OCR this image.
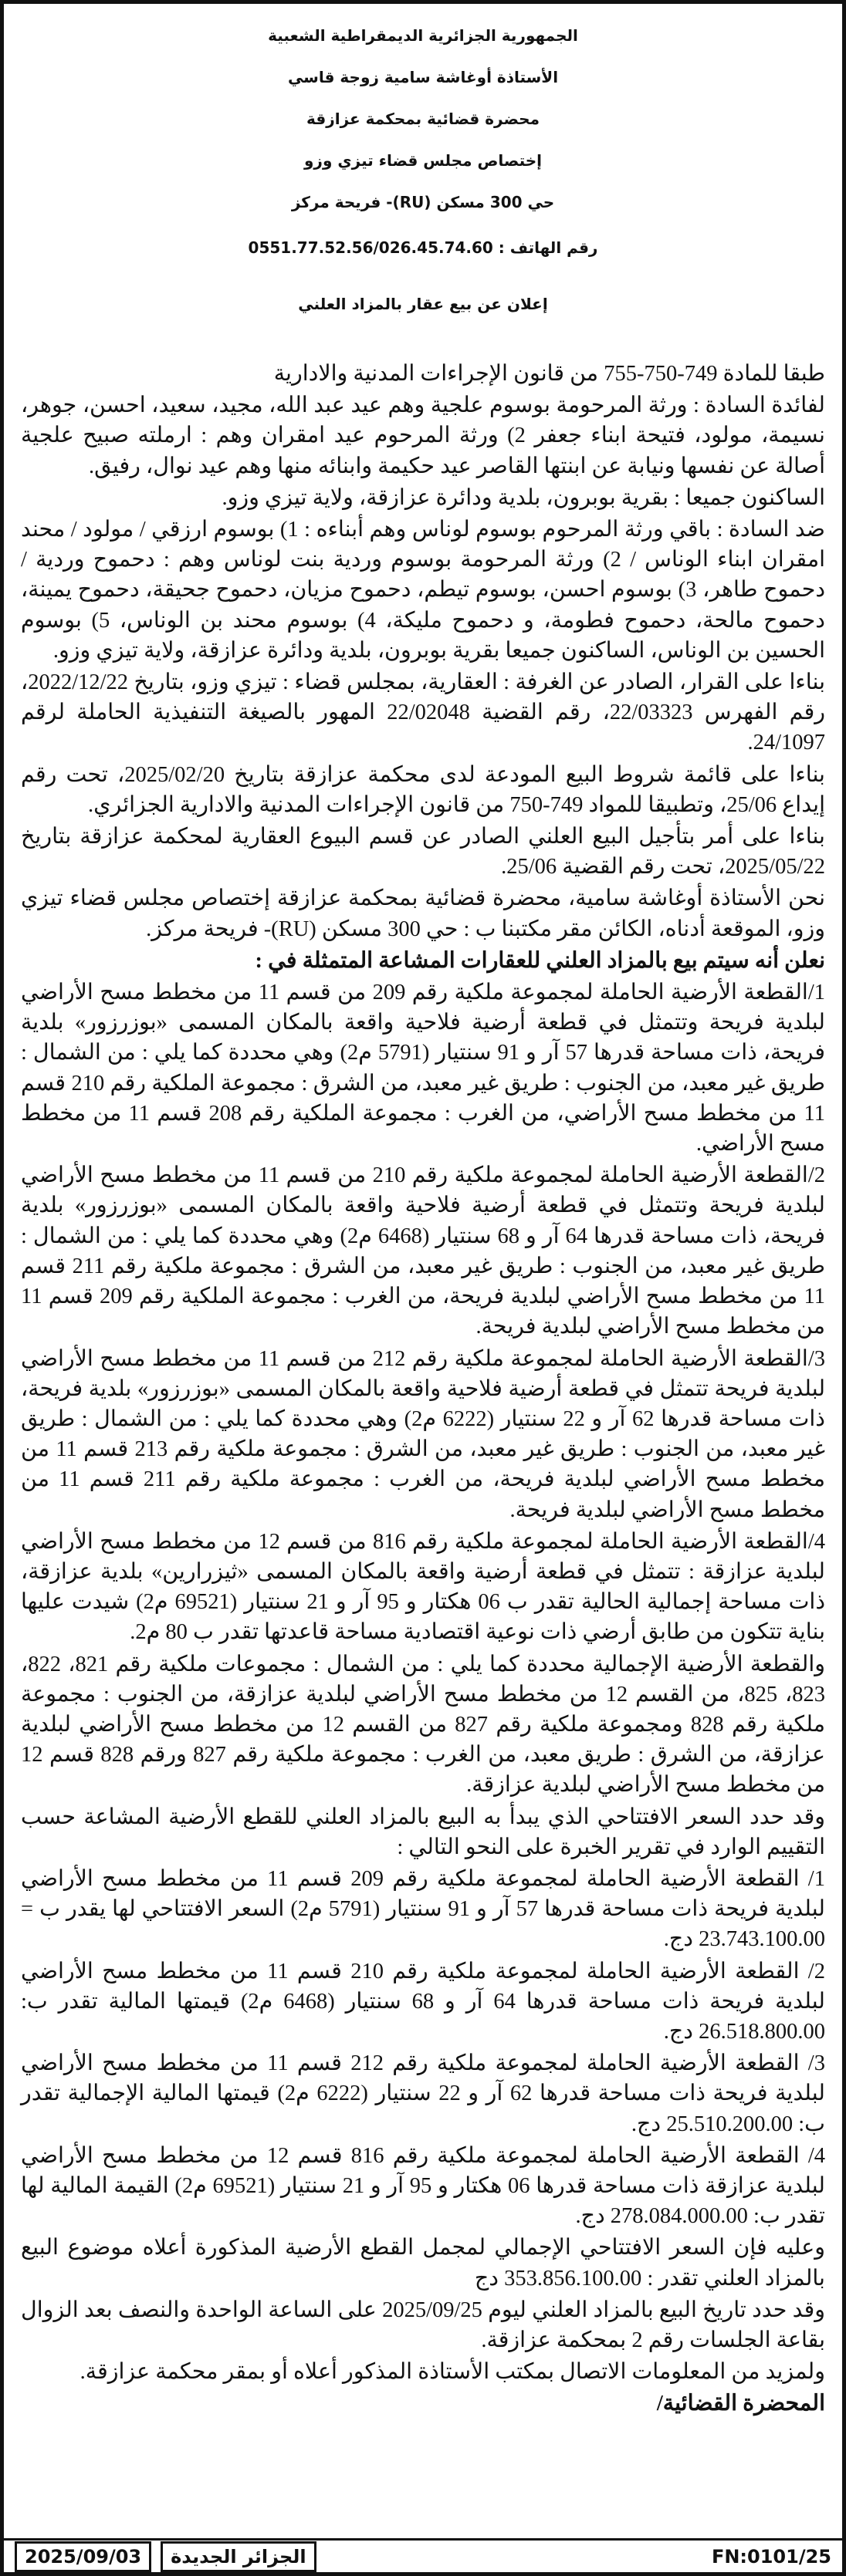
الجمهورية الجزائرية الديمقراطية الشعبية
الأستاذة أوغاشة سامية زوجة قاسي
محضرة قضائية بمحكمة عزازقة
إختصاص مجلس قضاء تيزي وزو
حي 300 مسكن (RU)- فريحة مركز
رقم الهاتف : 0551.77.52.56/026.45.74.60
إعلان عن بيع عقار بالمزاد العلني

طبقا للمادة 749-750-755 من قانون الإجراءات المدنية والادارية

لفائدة السادة : ورثة المرحومة بوسوم علجية وهم عيد عبد الله، مجيد، سعيد، احسن، جوهر، نسيمة، مولود، فتيحة ابناء جعفر 2) ورثة المرحوم عيد امقران وهم : ارملته صبيح علجية أصالة عن نفسها ونيابة عن ابنتها القاصر عيد حكيمة وابنائه منها وهم عيد نوال، رفيق.

الساكنون جميعا : بقرية بوبرون، بلدية ودائرة عزازقة، ولاية تيزي وزو.

ضد السادة : باقي ورثة المرحوم بوسوم لوناس وهم أبناءه : 1) بوسوم ارزقي / مولود / محند امقران ابناء الوناس / 2) ورثة المرحومة بوسوم وردية بنت لوناس وهم : دحموح وردية / دحموح طاهر، 3) بوسوم احسن، بوسوم تيطم، دحموح مزيان، دحموح جحيقة، دحموح يمينة، دحموح مالحة، دحموح فطومة، و دحموح مليكة، 4) بوسوم محند بن الوناس، 5) بوسوم الحسين بن الوناس، الساكنون جميعا بقرية بوبرون، بلدية ودائرة عزازقة، ولاية تيزي وزو.

بناءا على القرار، الصادر عن الغرفة : العقارية، بمجلس قضاء : تيزي وزو، بتاريخ 2022/12/22، رقم الفهرس 22/03323، رقم القضية 22/02048 المهور بالصيغة التنفيذية الحاملة لرقم 24/1097.

بناءا على قائمة شروط البيع المودعة لدى محكمة عزازقة بتاريخ 2025/02/20، تحت رقم إيداع 25/06، وتطبيقا للمواد 749-750 من قانون الإجراءات المدنية والادارية الجزائري.

بناءا على أمر بتأجيل البيع العلني الصادر عن قسم البيوع العقارية لمحكمة عزازقة بتاريخ 2025/05/22، تحت رقم القضية 25/06.

نحن الأستاذة أوغاشة سامية، محضرة قضائية بمحكمة عزازقة إختصاص مجلس قضاء تيزي وزو، الموقعة أدناه، الكائن مقر مكتبنا ب : حي 300 مسكن (RU)- فريحة مركز.

نعلن أنه سيتم بيع بالمزاد العلني للعقارات المشاعة المتمثلة في :

1/القطعة الأرضية الحاملة لمجموعة ملكية رقم 209 من قسم 11 من مخطط مسح الأراضي لبلدية فريحة وتتمثل في قطعة أرضية فلاحية واقعة بالمكان المسمى «بوزرزور» بلدية فريحة، ذات مساحة قدرها 57 آر و 91 سنتيار (5791 م2) وهي محددة كما يلي : من الشمال : طريق غير معبد، من الجنوب : طريق غير معبد، من الشرق : مجموعة الملكية رقم 210 قسم 11 من مخطط مسح الأراضي، من الغرب : مجموعة الملكية رقم 208 قسم 11 من مخطط مسح الأراضي.

2/القطعة الأرضية الحاملة لمجموعة ملكية رقم 210 من قسم 11 من مخطط مسح الأراضي لبلدية فريحة وتتمثل في قطعة أرضية فلاحية واقعة بالمكان المسمى «بوزرزور» بلدية فريحة، ذات مساحة قدرها 64 آر و 68 سنتيار (6468 م2) وهي محددة كما يلي : من الشمال : طريق غير معبد، من الجنوب : طريق غير معبد، من الشرق : مجموعة ملكية رقم 211 قسم 11 من مخطط مسح الأراضي لبلدية فريحة، من الغرب : مجموعة الملكية رقم 209 قسم 11 من مخطط مسح الأراضي لبلدية فريحة.

3/القطعة الأرضية الحاملة لمجموعة ملكية رقم 212 من قسم 11 من مخطط مسح الأراضي لبلدية فريحة تتمثل في قطعة أرضية فلاحية واقعة بالمكان المسمى «بوزرزور» بلدية فريحة، ذات مساحة قدرها 62 آر و 22 سنتيار (6222 م2) وهي محددة كما يلي : من الشمال : طريق غير معبد، من الجنوب : طريق غير معبد، من الشرق : مجموعة ملكية رقم 213 قسم 11 من مخطط مسح الأراضي لبلدية فريحة، من الغرب : مجموعة ملكية رقم 211 قسم 11 من مخطط مسح الأراضي لبلدية فريحة.

4/القطعة الأرضية الحاملة لمجموعة ملكية رقم 816 من قسم 12 من مخطط مسح الأراضي لبلدية عزازقة : تتمثل في قطعة أرضية واقعة بالمكان المسمى «ثيزرارين» بلدية عزازقة، ذات مساحة إجمالية الحالية تقدر ب 06 هكتار و 95 آر و 21 سنتيار (69521 م2) شيدت عليها بناية تتكون من طابق أرضي ذات نوعية اقتصادية مساحة قاعدتها تقدر ب 80 م2.

والقطعة الأرضية الإجمالية محددة كما يلي : من الشمال : مجموعات ملكية رقم 821، 822، 823، 825، من القسم 12 من مخطط مسح الأراضي لبلدية عزازقة، من الجنوب : مجموعة ملكية رقم 828 ومجموعة ملكية رقم 827 من القسم 12 من مخطط مسح الأراضي لبلدية عزازقة، من الشرق : طريق معبد، من الغرب : مجموعة ملكية رقم 827 ورقم 828 قسم 12 من مخطط مسح الأراضي لبلدية عزازقة.

وقد حدد السعر الافتتاحي الذي يبدأ به البيع بالمزاد العلني للقطع الأرضية المشاعة حسب التقييم الوارد في تقرير الخبرة على النحو التالي :

1/ القطعة الأرضية الحاملة لمجموعة ملكية رقم 209 قسم 11 من مخطط مسح الأراضي لبلدية فريحة ذات مساحة قدرها 57 آر و 91 سنتيار (5791 م2) السعر الافتتاحي لها يقدر ب = 23.743.100.00 دج.

2/ القطعة الأرضية الحاملة لمجموعة ملكية رقم 210 قسم 11 من مخطط مسح الأراضي لبلدية فريحة ذات مساحة قدرها 64 آر و 68 سنتيار (6468 م2) قيمتها المالية تقدر ب: 26.518.800.00 دج.

3/ القطعة الأرضية الحاملة لمجموعة ملكية رقم 212 قسم 11 من مخطط مسح الأراضي لبلدية فريحة ذات مساحة قدرها 62 آر و 22 سنتيار (6222 م2) قيمتها المالية الإجمالية تقدر ب: 25.510.200.00 دج.

4/ القطعة الأرضية الحاملة لمجموعة ملكية رقم 816 قسم 12 من مخطط مسح الأراضي لبلدية عزازقة ذات مساحة قدرها 06 هكتار و 95 آر و 21 سنتيار (69521 م2) القيمة المالية لها تقدر ب: 278.084.000.00 دج.

وعليه فإن السعر الافتتاحي الإجمالي لمجمل القطع الأرضية المذكورة أعلاه موضوع البيع بالمزاد العلني تقدر : 353.856.100.00 دج

وقد حدد تاريخ البيع بالمزاد العلني ليوم 2025/09/25 على الساعة الواحدة والنصف بعد الزوال بقاعة الجلسات رقم 2 بمحكمة عزازقة.

ولمزيد من المعلومات الاتصال بمكتب الأستاذة المذكور أعلاه أو بمقر محكمة عزازقة.

المحضرة القضائية/

FN:0101/25
الجزائر الجديدة
2025/09/03
